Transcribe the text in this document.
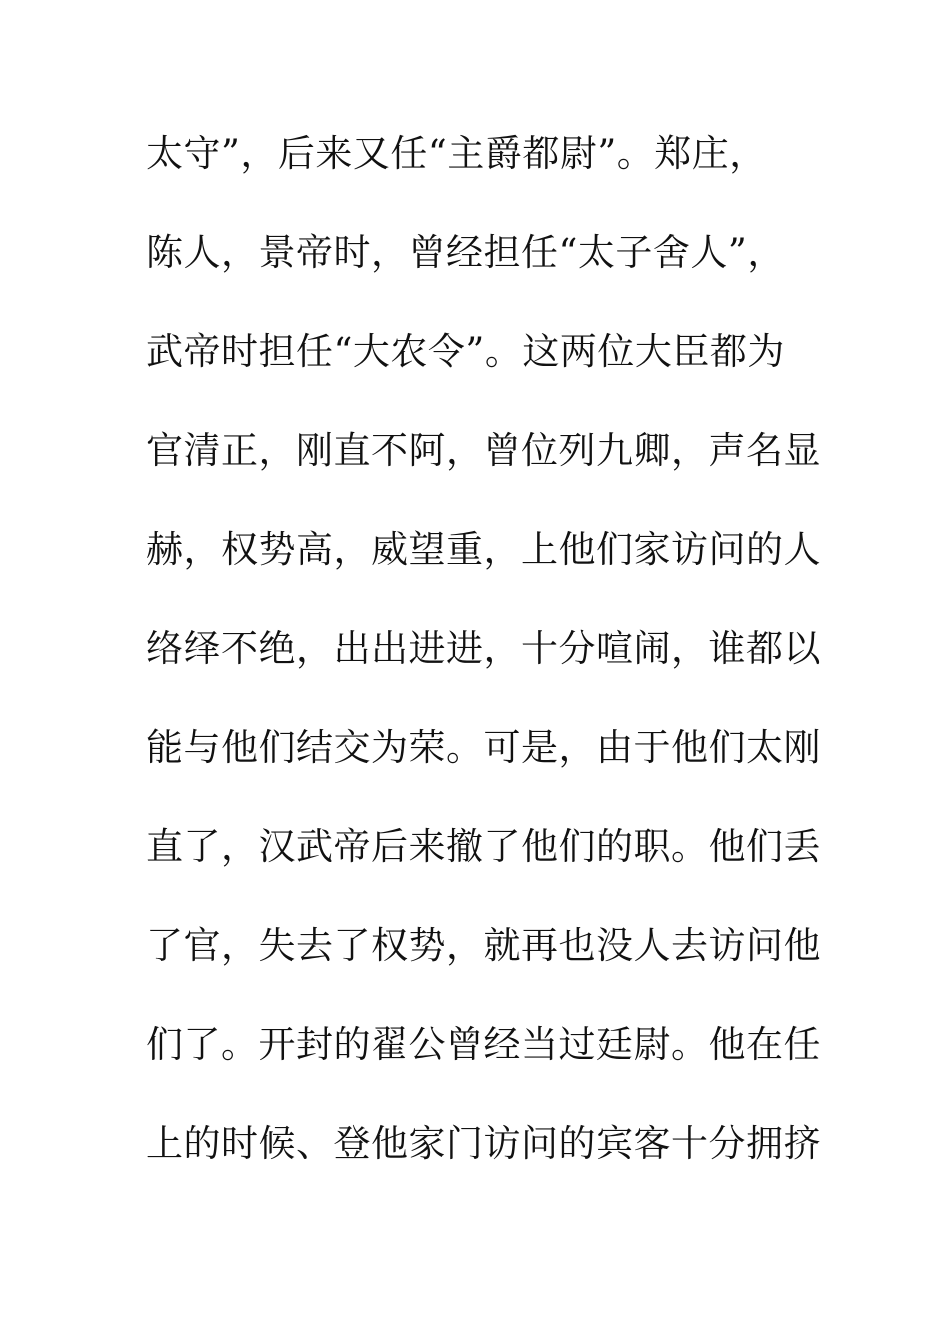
太守”，后来又任“主爵都尉”。郑庄，
陈人，景帝时，曾经担任“太子舍人”，
武帝时担任“大农令”。这两位大臣都为
官清正，刚直不阿，曾位列九卿，声名显
赫，权势高，威望重，上他们家访问的人
络绎不绝，出出进进，十分喧闹，谁都以
能与他们结交为荣。可是，由于他们太刚
直了，汉武帝后来撤了他们的职。他们丢
了官，失去了权势，就再也没人去访问他
们了。开封的翟公曾经当过廷尉。他在任
上的时候、登他家门访问的宾客十分拥挤
